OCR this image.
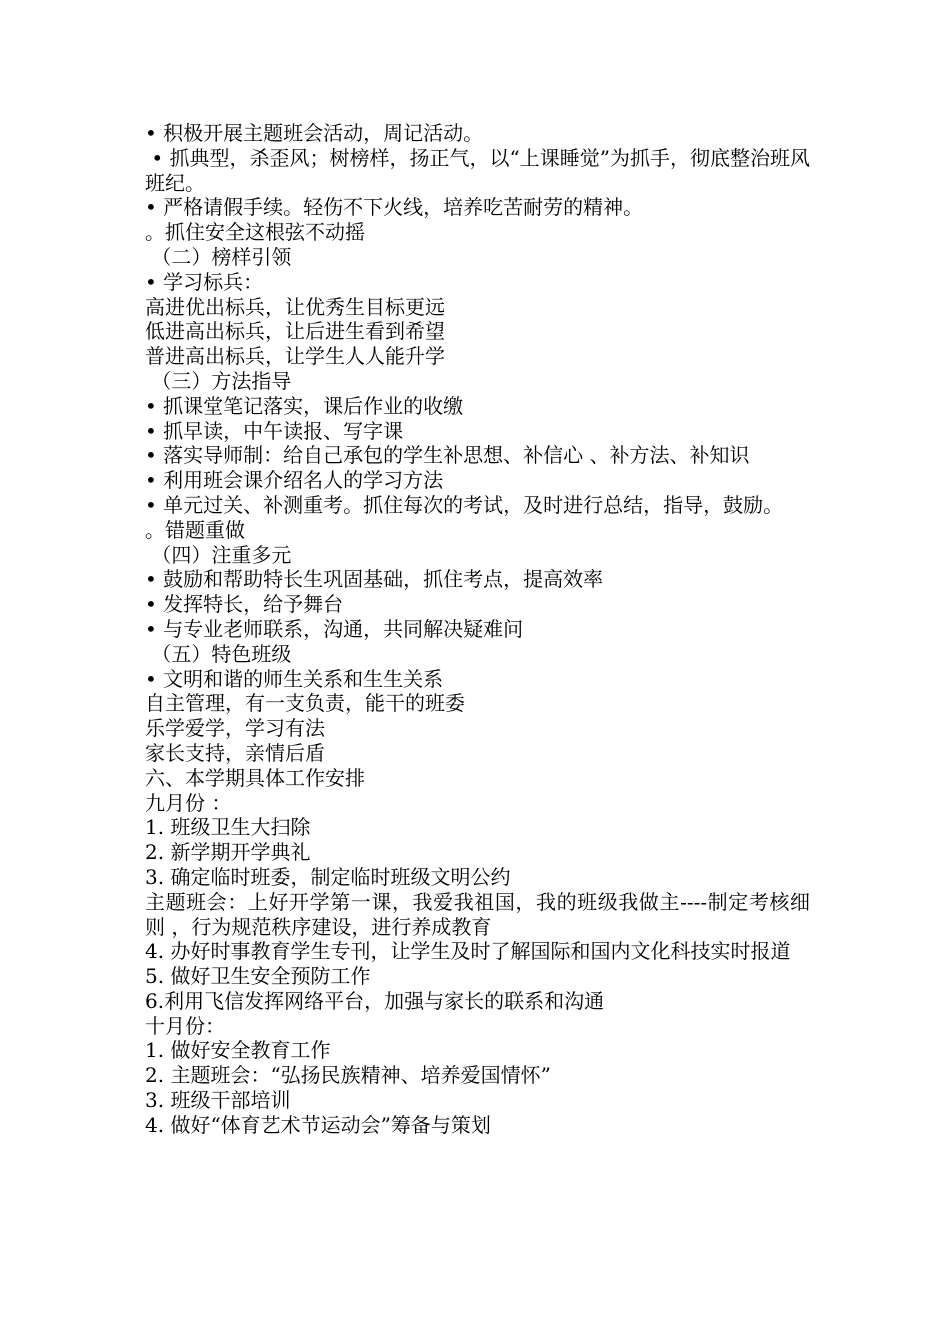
• 积极开展主题班会活动，周记活动。

• 抓典型，杀歪风；树榜样，扬正气，以“上课睡觉”为抓手，彻底整治班风班纪。

• 严格请假手续。轻伤不下火线，培养吃苦耐劳的精神。

。抓住安全这根弦不动摇

（二）榜样引领

• 学习标兵：

高进优出标兵，让优秀生目标更远

低进高出标兵，让后进生看到希望

普进高出标兵，让学生人人能升学

（三）方法指导

• 抓课堂笔记落实，课后作业的收缴

• 抓早读，中午读报、写字课

• 落实导师制：给自己承包的学生补思想、补信心 、补方法、补知识

• 利用班会课介绍名人的学习方法

• 单元过关、补测重考。抓住每次的考试，及时进行总结，指导，鼓励。

。错题重做

（四）注重多元

• 鼓励和帮助特长生巩固基础，抓住考点，提高效率

• 发挥特长，给予舞台

• 与专业老师联系，沟通，共同解决疑难问

（五）特色班级

• 文明和谐的师生关系和生生关系

自主管理，有一支负责，能干的班委

乐学爱学，学习有法

家长支持，亲情后盾

六、本学期具体工作安排

九月份 ：

1. 班级卫生大扫除

2. 新学期开学典礼

3. 确定临时班委，制定临时班级文明公约

主题班会：上好开学第一课，我爱我祖国，我的班级我做主----制定考核细则 ，行为规范秩序建设，进行养成教育

4. 办好时事教育学生专刊，让学生及时了解国际和国内文化科技实时报道

5. 做好卫生安全预防工作

6.利用飞信发挥网络平台，加强与家长的联系和沟通

十月份：

1. 做好安全教育工作

2. 主题班会：“弘扬民族精神、培养爱国情怀”

3. 班级干部培训

4. 做好“体育艺术节运动会”筹备与策划
